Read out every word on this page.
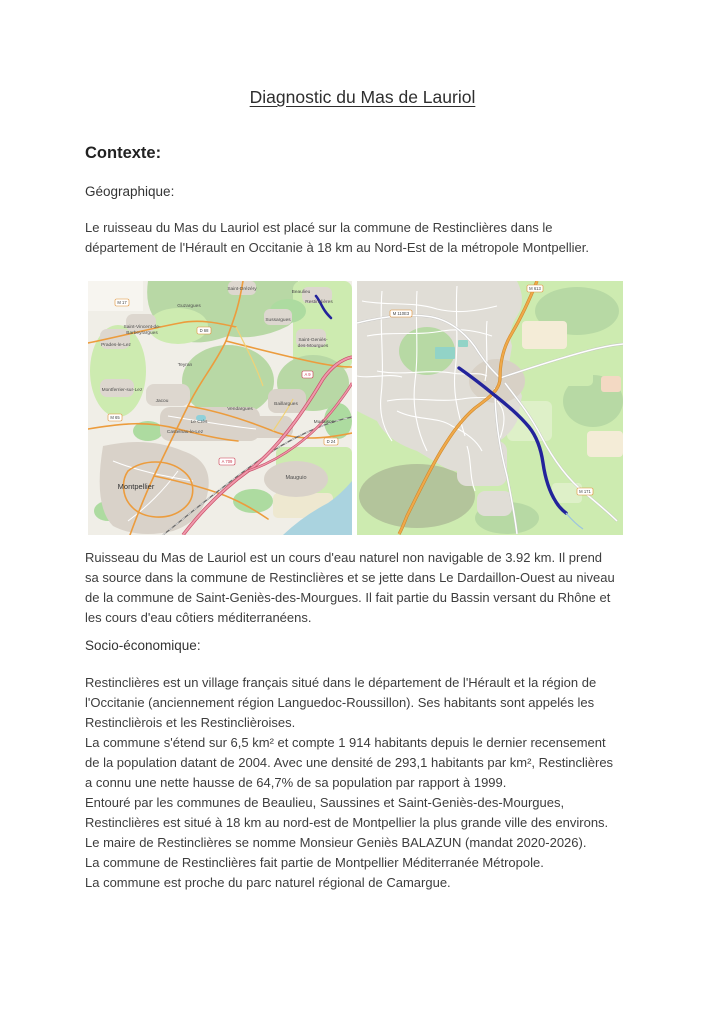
Diagnostic du Mas de Lauriol
Contexte:
Géographique:
Le ruisseau du Mas du Lauriol est placé sur la commune de Restinclières dans le
département de l'Hérault en Occitanie à 18 km au Nord-Est de la métropole Montpellier.
M 17
D 68
A 9
A 709
M 65
D 24
Montpellier
Castelnau-le-Lez
Mauguio
Saint-Drézéry
Beaulieu
Restinclières
Sussargues
Saint-Geniès-
des-Mourgues
Baillargues
Mudaison
Vendargues
Le Crès
Jacou
Teyran
Prades-le-Lez
Montferrier-sur-Lez
Saint-Vincent-de-
Barbeyrargues
Guzargues
M 613
M 110E3
M 171
Ruisseau du Mas de Lauriol est un cours d'eau naturel non navigable de 3.92 km. Il prend
sa source dans la commune de Restinclières et se jette dans Le Dardaillon-Ouest au niveau
de la commune de Saint-Geniès-des-Mourgues. Il fait partie du Bassin versant du Rhône et
les cours d'eau côtiers méditerranéens.
Socio-économique:
Restinclières est un village français situé dans le département de l'Hérault et la région de
l'Occitanie (anciennement région Languedoc-Roussillon). Ses habitants sont appelés les
Restinclièrois et les Restinclièroises.
La commune s'étend sur 6,5 km² et compte 1 914 habitants depuis le dernier recensement
de la population datant de 2004. Avec une densité de 293,1 habitants par km², Restinclières
a connu une nette hausse de 64,7% de sa population par rapport à 1999.
Entouré par les communes de Beaulieu, Saussines et Saint-Geniès-des-Mourgues,
Restinclières est situé à 18 km au nord-est de Montpellier la plus grande ville des environs.
Le maire de Restinclières se nomme Monsieur Geniès BALAZUN (mandat 2020-2026).
La commune de Restinclières fait partie de Montpellier Méditerranée Métropole.
La commune est proche du parc naturel régional de Camargue.
